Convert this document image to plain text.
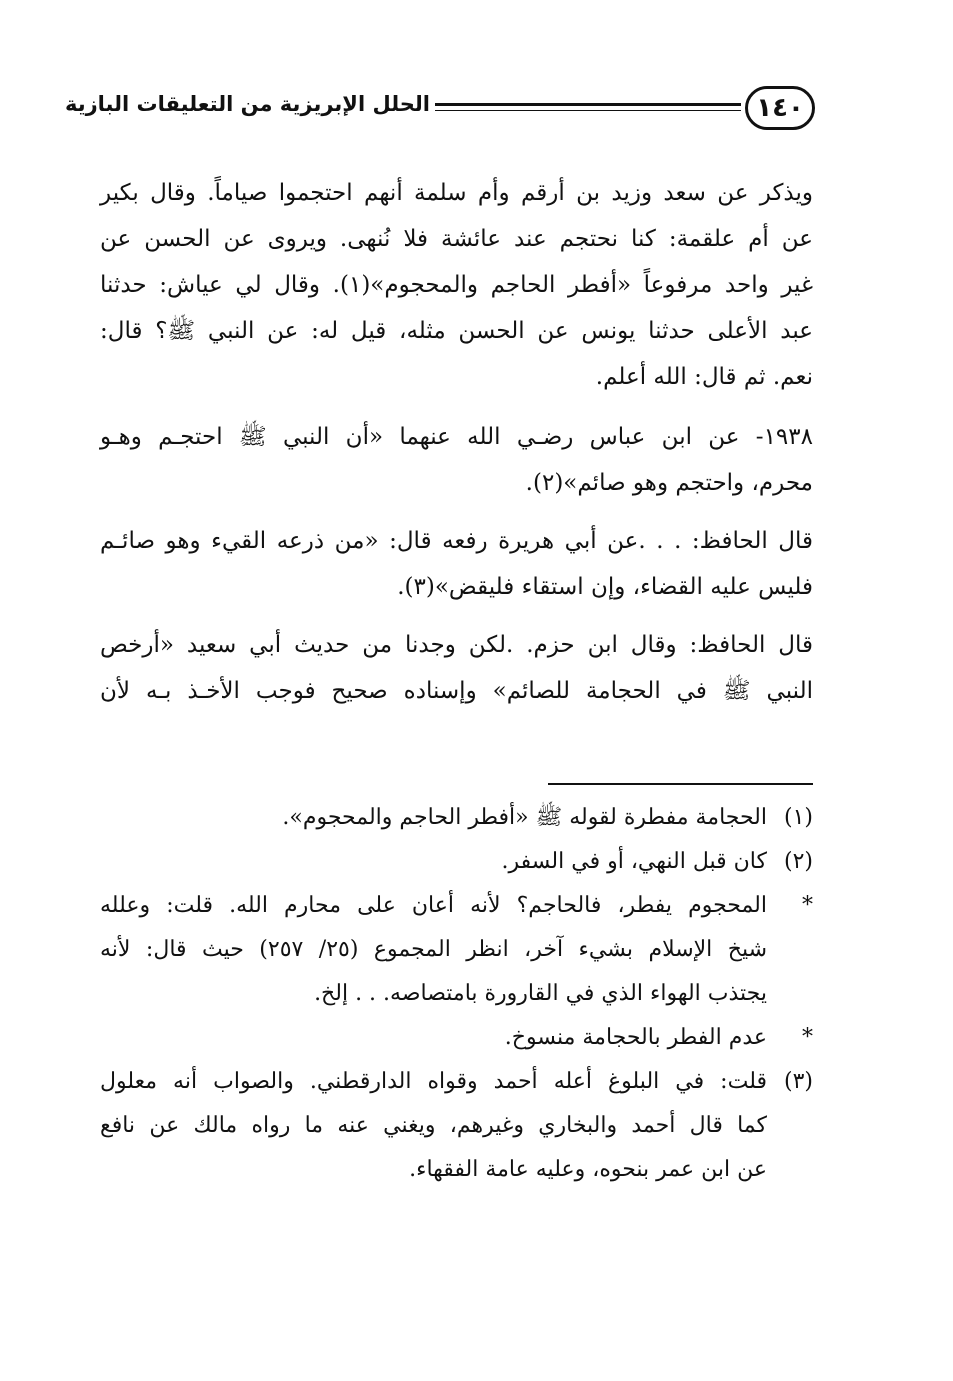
١٤٠
الحلل الإبريزية من التعليقات البازية

ويذكر عن سعد وزيد بن أرقم وأم سلمة أنهم احتجموا صياماً. وقال بكير
عن أم علقمة: كنا نحتجم عند عائشة فلا نُنهى. ويروى عن الحسن عن
غير واحد مرفوعاً «أفطر الحاجم والمحجوم»(١). وقال لي عياش: حدثنا
عبد الأعلى حدثنا يونس عن الحسن مثله، قيل له: عن النبي ﷺ؟ قال:
نعم. ثم قال: الله أعلم.

١٩٣٨- عن ابن عباس رضـي الله عنهما «أن النبي ﷺ احتجـم وهـو
محرم، واحتجم وهو صائم»(٢).

قال الحافظ: . . .عن أبي هريرة رفعه قال: «من ذرعه القيء وهو صائـم
فليس عليه القضاء، وإن استقاء فليقض»(٣).

قال الحافظ: وقال ابن حزم. .لكن وجدنا من حديث أبي سعيد «أرخص
النبي ﷺ في الحجامة للصائم» وإسناده صحيح فوجب الأخـذ بـه لأن

(١)
الحجامة مفطرة لقوله ﷺ «أفطر الحاجم والمحجوم».
(٢)
كان قبل النهي، أو في السفر.
*
المحجوم يفطر، فالحاجم؟ لأنه أعان على محارم الله. قلت: وعلله
شيخ الإسلام بشيء آخر، انظر المجموع (٢٥/ ٢٥٧) حيث قال: لأنه
يجتذب الهواء الذي في القارورة بامتصاصه. . . إلخ.
*
عدم الفطر بالحجامة منسوخ.
(٣)
قلت: في البلوغ أعله أحمد وقواه الدارقطني. والصواب أنه معلول
كما قال أحمد والبخاري وغيرهم، ويغني عنه ما رواه مالك عن نافع
عن ابن عمر بنحوه، وعليه عامة الفقهاء.
